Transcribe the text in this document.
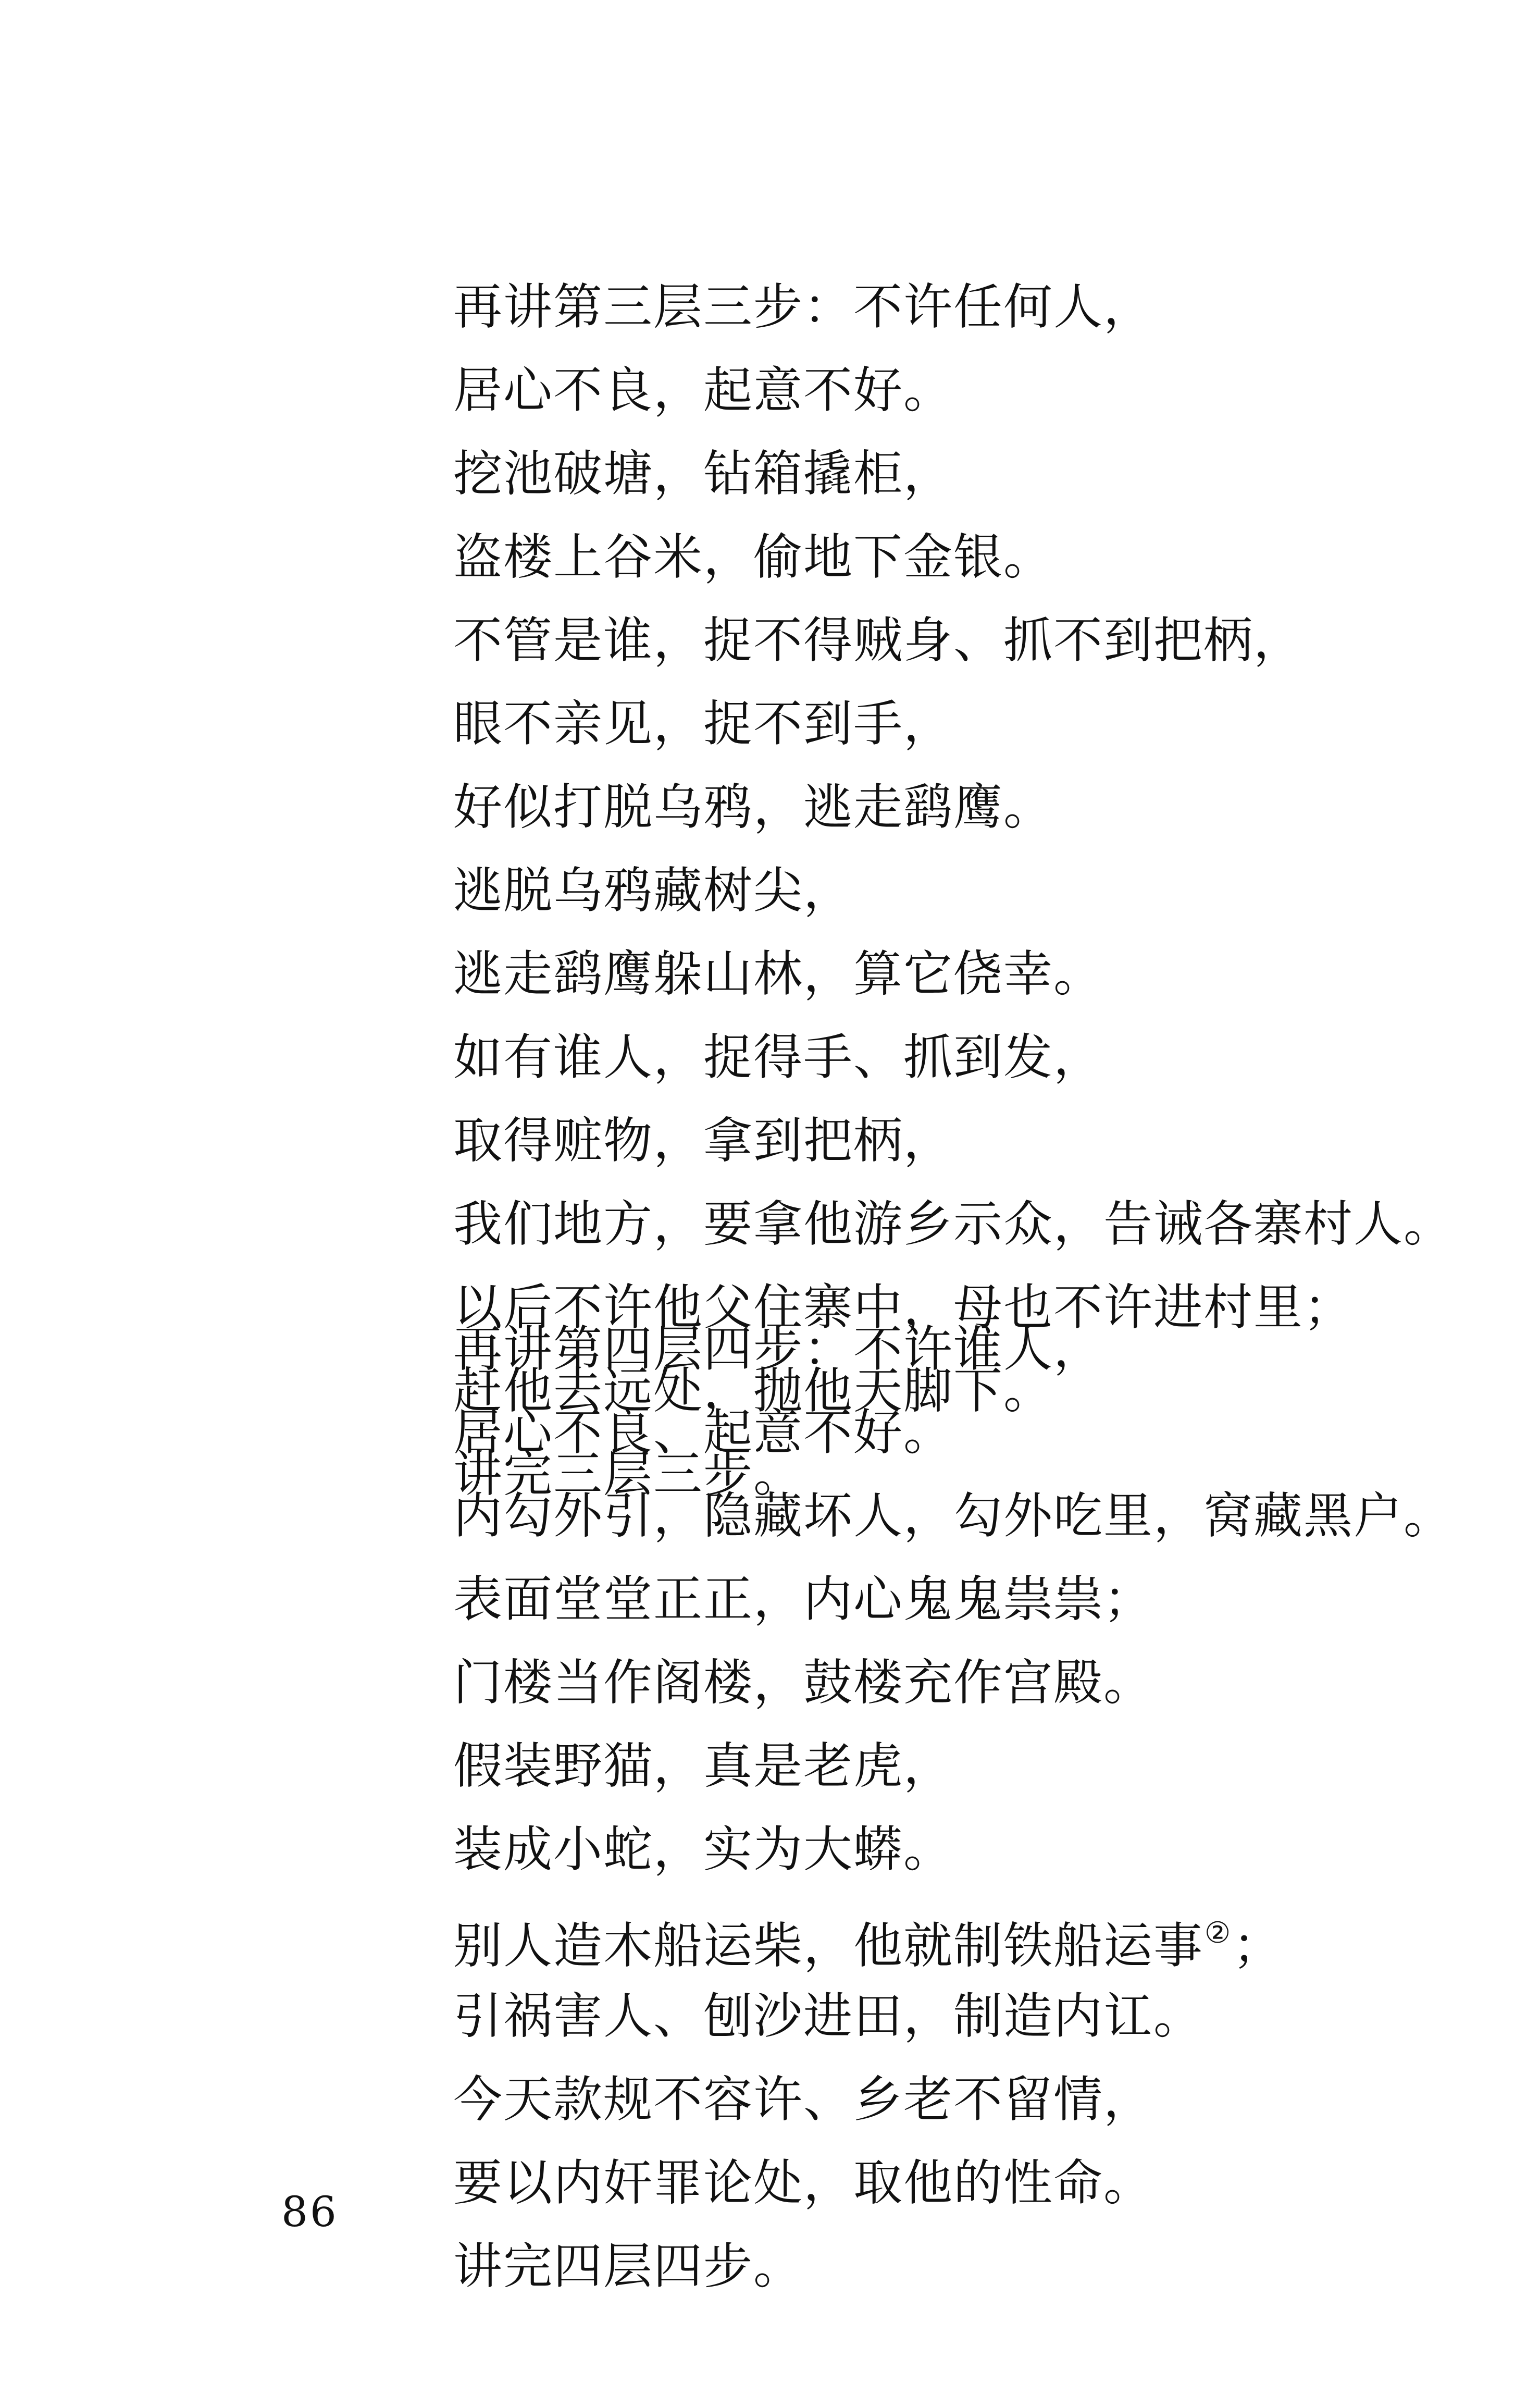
再讲第三层三步：不许任何人，
居心不良，起意不好。
挖池破塘，钻箱撬柜，
盗楼上谷米，偷地下金银。
不管是谁，捉不得贼身、抓不到把柄，
眼不亲见，捉不到手，
好似打脱乌鸦，逃走鹞鹰。
逃脱乌鸦藏树尖，
逃走鹞鹰躲山林，算它侥幸。
如有谁人，捉得手、抓到发，
取得赃物，拿到把柄，
我们地方，要拿他游乡示众，告诫各寨村人。
以后不许他父住寨中，母也不许进村里；
赶他去远处，抛他天脚下。
讲完三层三步。
再讲第四层四步：不许谁人，
居心不良、起意不好。
内勾外引，隐藏坏人，勾外吃里，窝藏黑户。
表面堂堂正正，内心鬼鬼祟祟；
门楼当作阁楼，鼓楼充作宫殿。
假装野猫，真是老虎，
装成小蛇，实为大蟒。
别人造木船运柴，他就制铁船运事②；
引祸害人、刨沙进田，制造内讧。
今天款规不容许、乡老不留情，
要以内奸罪论处，取他的性命。
讲完四层四步。
86
